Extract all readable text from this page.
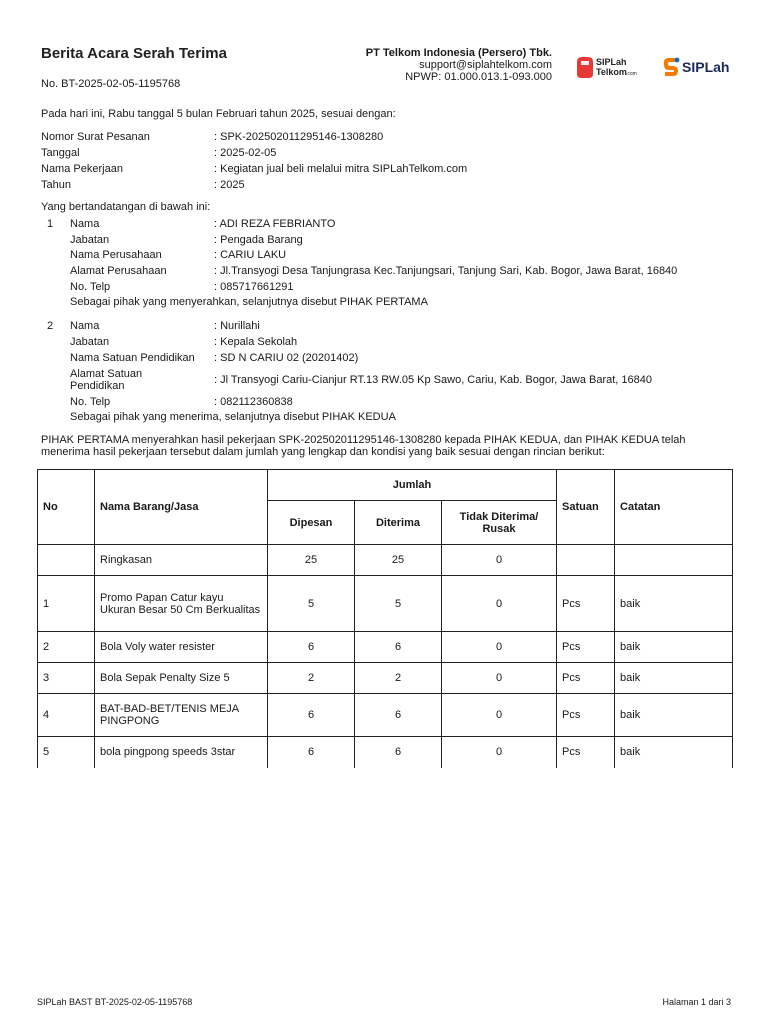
Berita Acara Serah Terima
No. BT-2025-02-05-1195768
PT Telkom Indonesia (Persero) Tbk.
support@siplahtelkom.com
NPWP: 01.000.013.1-093.000
SIPLah
Telkom .com	SIPLah
Pada hari ini, Rabu tanggal 5 bulan Februari tahun 2025, sesuai dengan:
Nomor Surat Pesanan	: SPK-202502011295146-1308280
Tanggal	: 2025-02-05
Nama Pekerjaan	: Kegiatan jual beli melalui mitra SIPLahTelkom.com
Tahun	: 2025
Yang bertandatangan di bawah ini:
1 Nama	: ADI REZA FEBRIANTO
Jabatan	: Pengada Barang
Nama Perusahaan	: CARIU LAKU
Alamat Perusahaan	: Jl.Transyogi Desa Tanjungrasa Kec.Tanjungsari, Tanjung Sari, Kab. Bogor, Jawa Barat, 16840
No. Telp	: 085717661291
Sebagai pihak yang menyerahkan, selanjutnya disebut PIHAK PERTAMA
2 Nama	: Nurillahi
Jabatan	: Kepala Sekolah
Nama Satuan Pendidikan : SD N CARIU 02 (20201402)
Alamat Satuan Pendidikan	: Jl Transyogi Cariu-Cianjur RT.13 RW.05 Kp Sawo, Cariu, Kab. Bogor, Jawa Barat, 16840
No. Telp	: 082112360838
Sebagai pihak yang menerima, selanjutnya disebut PIHAK KEDUA
PIHAK PERTAMA menyerahkan hasil pekerjaan SPK-202502011295146-1308280 kepada PIHAK KEDUA, dan PIHAK KEDUA telah menerima hasil pekerjaan tersebut dalam jumlah yang lengkap dan kondisi yang baik sesuai dengan rincian berikut:
No	Nama Barang/Jasa	Jumlah			Satuan	Catatan
		Dipesan	Diterima	Tidak Diterima/ Rusak		
	Ringkasan	25	25	0		
1	Promo Papan Catur kayu Ukuran Besar 50 Cm Berkualitas	5	5	0	Pcs	baik
2	Bola Voly water resister	6	6	0	Pcs	baik
3	Bola Sepak Penalty Size 5	2	2	0	Pcs	baik
4	BAT-BAD-BET/TENIS MEJA PINGPONG	6	6	0	Pcs	baik
5	bola pingpong speeds 3star	6	6	0	Pcs	baik
SIPLah BAST BT-2025-02-05-1195768	Halaman 1 dari 3
